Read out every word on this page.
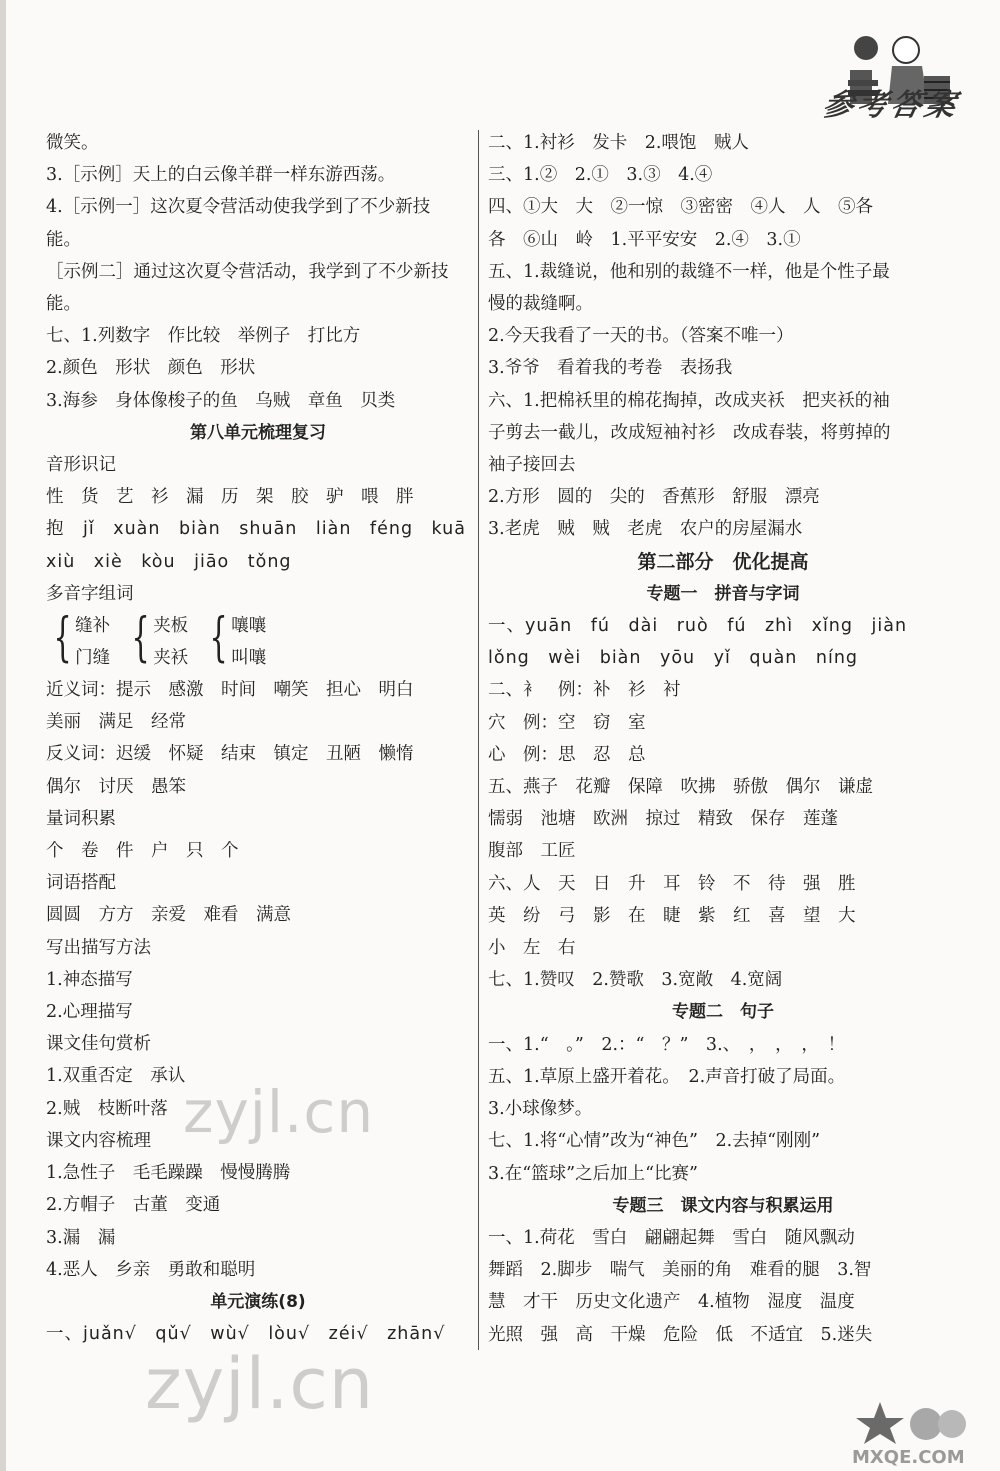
参考答案
微笑。
3.［示例］天上的白云像羊群一样东游西荡。
4.［示例一］这次夏令营活动使我学到了不少新技
能。
［示例二］通过这次夏令营活动，我学到了不少新技
能。
七、1.列数字　作比较　举例子　打比方
2.颜色　形状　颜色　形状
3.海参　身体像梭子的鱼　乌贼　章鱼　贝类
第八单元梳理复习
音形识记
性　货　艺　衫　漏　历　架　胶　驴　喂　胖
抱　jǐ　xuàn　biàn　shuān　liàn　féng　kuā
xiù　xiè　kòu　jiāo　tǒng
多音字组词
{ 缝补
门缝 { 夹板
夹袄 { 嚷嚷
叫嚷
近义词：提示　感激　时间　嘲笑　担心　明白
美丽　满足　经常
反义词：迟缓　怀疑　结束　镇定　丑陋　懒惰
偶尔　讨厌　愚笨
量词积累
个　卷　件　户　只　个
词语搭配
圆圆　方方　亲爱　难看　满意
写出描写方法
1.神态描写
2.心理描写
课文佳句赏析
1.双重否定　承认
2.贼　枝断叶落
课文内容梳理
1.急性子　毛毛躁躁　慢慢腾腾
2.方帽子　古董　变通
3.漏　漏
4.恶人　乡亲　勇敢和聪明
单元演练(8)
一、juǎn√　qǔ√　wù√　lòu√　zéi√　zhān√
二、1.衬衫　发卡　2.喂饱　贼人
三、1.②　2.①　3.③　4.④
四、①大　大　②一惊　③密密　④人　人　⑤各
各　⑥山　岭　1.平平安安　2.④　3.①
五、1.裁缝说，他和别的裁缝不一样，他是个性子最
慢的裁缝啊。
2.今天我看了一天的书。（答案不唯一）
3.爷爷　看着我的考卷　表扬我
六、1.把棉袄里的棉花掏掉，改成夹袄　把夹袄的袖
子剪去一截儿，改成短袖衬衫　改成春装，将剪掉的
袖子接回去
2.方形　圆的　尖的　香蕉形　舒服　漂亮
3.老虎　贼　贼　老虎　农户的房屋漏水
第二部分　优化提高
专题一　拼音与字词
一、yuān　fú　dài　ruò　fú　zhì　xǐng　jiàn
lǒng　wèi　biàn　yōu　yǐ　quàn　níng
二、衤　例：补　衫　衬
穴　例：空　窃　室
心　例：思　忍　总
五、燕子　花瓣　保障　吹拂　骄傲　偶尔　谦虚
懦弱　池塘　欧洲　掠过　精致　保存　莲蓬
腹部　工匠
六、人　天　日　升　耳　铃　不　待　强　胜
英　纷　弓　影　在　睫　紫　红　喜　望　大
小　左　右
七、1.赞叹　2.赞歌　3.宽敞　4.宽阔
专题二　句子
一、1.“　。”　2.：“　？”　3.、　，　，　，　！
五、1.草原上盛开着花。　2.声音打破了局面。
3.小球像梦。
七、1.将“心情”改为“神色”　2.去掉“刚刚”
3.在“篮球”之后加上“比赛”
专题三　课文内容与积累运用
一、1.荷花　雪白　翩翩起舞　雪白　随风飘动
舞蹈　2.脚步　喘气　美丽的角　难看的腿　3.智
慧　才干　历史文化遗产　4.植物　湿度　温度
光照　强　高　干燥　危险　低　不适宜　5.迷失
zyjl.cn
zyjl.cn
MXQE.COM
